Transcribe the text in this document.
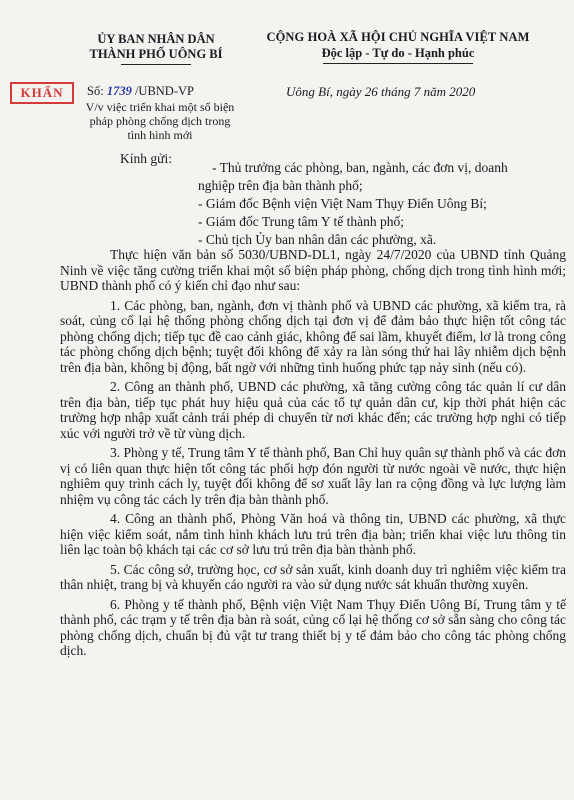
ỦY BAN NHÂN DÂN
THÀNH PHỐ UÔNG BÍ
CỘNG HOÀ XÃ HỘI CHỦ NGHĨA VIỆT NAM
Độc lập - Tự do - Hạnh phúc
KHẨN	Số: 1739 /UBND-VP
V/v việc triển khai một số biện pháp phòng chống dịch trong tình hình mới
Uông Bí, ngày 26 tháng 7 năm 2020
Kính gửi:
- Thủ trưởng các phòng, ban, ngành, các đơn vị, doanh
nghiệp trên địa bàn thành phố;
- Giám đốc Bệnh viện Việt Nam Thụy Điển Uông Bí;
- Giám đốc Trung tâm Y tế thành phố;
- Chủ tịch Ủy ban nhân dân các phường, xã.

Thực hiện văn bản số 5030/UBND-DL1, ngày 24/7/2020 của UBND tỉnh Quảng Ninh về việc tăng cường triển khai một số biện pháp phòng, chống dịch trong tình hình mới; UBND thành phố có ý kiến chỉ đạo như sau:

1. Các phòng, ban, ngành, đơn vị thành phố và UBND các phường, xã kiểm tra, rà soát, củng cố lại hệ thống phòng chống dịch tại đơn vị để đảm bảo thực hiện tốt công tác phòng chống dịch; tiếp tục đề cao cảnh giác, không để sai lầm, khuyết điểm, lơ là trong công tác phòng chống dịch bệnh; tuyệt đối không để xảy ra làn sóng thứ hai lây nhiễm dịch bệnh trên địa bàn, không bị động, bất ngờ với những tình huống phức tạp nảy sinh (nếu có).

2. Công an thành phố, UBND các phường, xã tăng cường công tác quản lí cư dân trên địa bàn, tiếp tục phát huy hiệu quả của các tổ tự quản dân cư, kịp thời phát hiện các trường hợp nhập xuất cảnh trái phép di chuyển từ nơi khác đến; các trường hợp nghi có tiếp xúc với người trở về từ vùng dịch.

3. Phòng y tế, Trung tâm Y tế thành phố, Ban Chỉ huy quân sự thành phố và các đơn vị có liên quan thực hiện tốt công tác phối hợp đón người từ nước ngoài về nước, thực hiện nghiêm quy trình cách ly, tuyệt đối không để sơ xuất lây lan ra cộng đồng và lực lượng làm nhiệm vụ công tác cách ly trên địa bàn thành phố.

4. Công an thành phố, Phòng Văn hoá và thông tin, UBND các phường, xã thực hiện việc kiểm soát, nắm tình hình khách lưu trú trên địa bàn; triển khai việc lưu thông tin liên lạc toàn bộ khách tại các cơ sở lưu trú trên địa bàn thành phố.

5. Các công sở, trường học, cơ sở sản xuất, kinh doanh duy trì nghiêm việc kiểm tra thân nhiệt, trang bị và khuyến cáo người ra vào sử dụng nước sát khuẩn thường xuyên.

6. Phòng y tế thành phố, Bệnh viện Việt Nam Thụy Điển Uông Bí, Trung tâm y tế thành phố, các trạm y tế trên địa bàn rà soát, củng cố lại hệ thống cơ sở sẵn sàng cho công tác phòng chống dịch, chuẩn bị đủ vật tư trang thiết bị y tế đảm bảo cho công tác phòng chống dịch.
